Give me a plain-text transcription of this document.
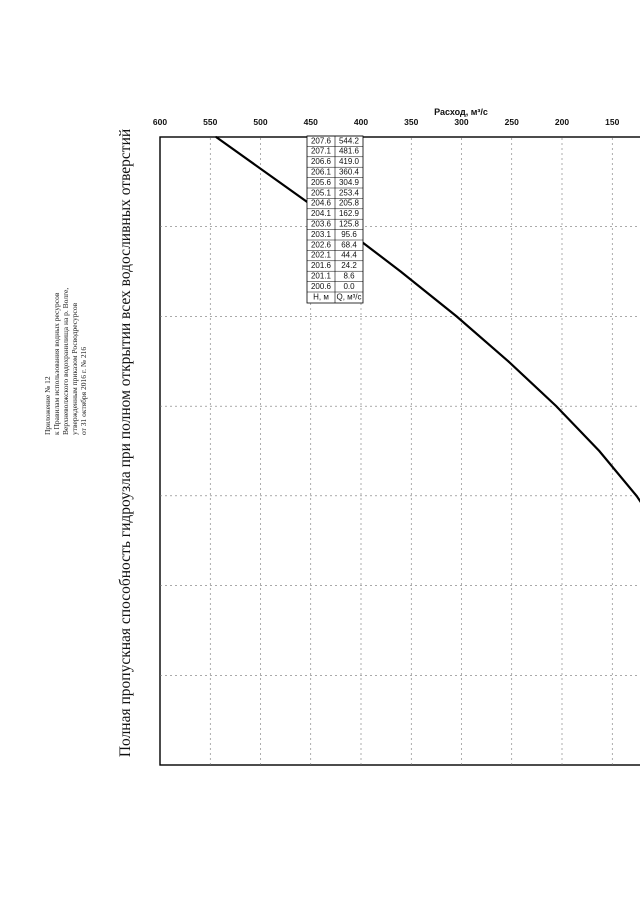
Приложение № 12 к Правилам использования водных ресурсов Верхневолжского водохранилища на р. Волге, утвержденным приказом Росводресурсов от 31 октября 2016 г. № 216 Полная пропускная способность гидроузла при полном открытии всех водосливных отверстий
150
200
250
300
350
400
450
500
550
600
Расход, м³/с
Н, м Q, м³/с
200.6 0.0
201.1 8.6
201.6 24.2
202.1 44.4
202.6 68.4
203.1 95.6
203.6 125.8
204.1 162.9
204.6 205.8
205.1 253.4
205.6 304.9
206.1 360.4
206.6 419.0
207.1 481.6
207.6 544.2
